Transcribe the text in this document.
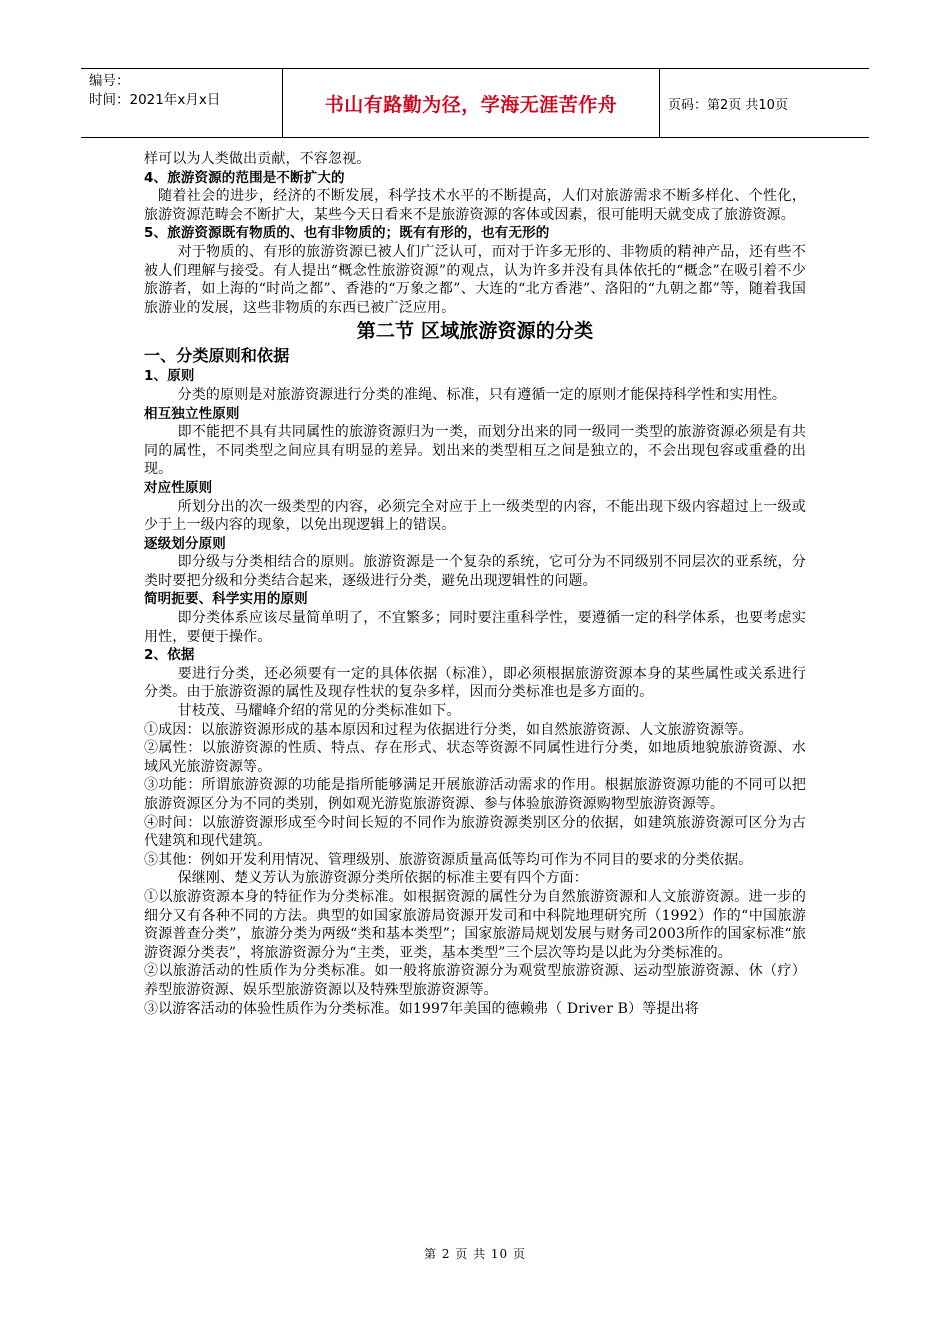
编号：
时间：2021年x月x日	书山有路勤为径，学海无涯苦作舟	页码：第2页 共10页

样可以为人类做出贡献，不容忽视。

4、旅游资源的范围是不断扩大的

随着社会的进步，经济的不断发展，科学技术水平的不断提高，人们对旅游需求不断多样化、个性化，旅游资源范畴会不断扩大，某些今天日看来不是旅游资源的客体或因素，很可能明天就变成了旅游资源。

5、旅游资源既有物质的、也有非物质的；既有有形的，也有无形的

对于物质的、有形的旅游资源已被人们广泛认可，而对于许多无形的、非物质的精神产品，还有些不被人们理解与接受。有人提出“概念性旅游资源”的观点，认为许多并没有具体依托的“概念”在吸引着不少旅游者，如上海的“时尚之都”、香港的“万象之都”、大连的“北方香港”、洛阳的“九朝之都”等，随着我国旅游业的发展，这些非物质的东西已被广泛应用。

第二节 区域旅游资源的分类

一、分类原则和依据

1、原则

分类的原则是对旅游资源进行分类的准绳、标准，只有遵循一定的原则才能保持科学性和实用性。

相互独立性原则

即不能把不具有共同属性的旅游资源归为一类，而划分出来的同一级同一类型的旅游资源必须是有共同的属性，不同类型之间应具有明显的差异。划出来的类型相互之间是独立的，不会出现包容或重叠的出现。

对应性原则

所划分出的次一级类型的内容，必须完全对应于上一级类型的内容，不能出现下级内容超过上一级或少于上一级内容的现象，以免出现逻辑上的错误。

逐级划分原则

即分级与分类相结合的原则。旅游资源是一个复杂的系统，它可分为不同级别不同层次的亚系统，分类时要把分级和分类结合起来，逐级进行分类，避免出现逻辑性的问题。

简明扼要、科学实用的原则

即分类体系应该尽量简单明了，不宜繁多；同时要注重科学性，要遵循一定的科学体系，也要考虑实用性，要便于操作。

2、依据

要进行分类，还必须要有一定的具体依据（标准），即必须根据旅游资源本身的某些属性或关系进行分类。由于旅游资源的属性及现存性状的复杂多样，因而分类标准也是多方面的。

甘枝茂、马耀峰介绍的常见的分类标准如下。

①成因：以旅游资源形成的基本原因和过程为依据进行分类，如自然旅游资源、人文旅游资源等。

②属性：以旅游资源的性质、特点、存在形式、状态等资源不同属性进行分类，如地质地貌旅游资源、水域风光旅游资源等。

③功能：所谓旅游资源的功能是指所能够满足开展旅游活动需求的作用。根据旅游资源功能的不同可以把旅游资源区分为不同的类别，例如观光游览旅游资源、参与体验旅游资源购物型旅游资源等。

④时间：以旅游资源形成至今时间长短的不同作为旅游资源类别区分的依据，如建筑旅游资源可区分为古代建筑和现代建筑。

⑤其他：例如开发利用情况、管理级别、旅游资源质量高低等均可作为不同目的要求的分类依据。

保继刚、楚义芳认为旅游资源分类所依据的标准主要有四个方面：

①以旅游资源本身的特征作为分类标准。如根据资源的属性分为自然旅游资源和人文旅游资源。进一步的细分又有各种不同的方法。典型的如国家旅游局资源开发司和中科院地理研究所（1992）作的“中国旅游资源普查分类”，旅游分类为两级“类和基本类型”；国家旅游局规划发展与财务司2003所作的国家标准“旅游资源分类表”，将旅游资源分为“主类，亚类，基本类型”三个层次等均是以此为分类标准的。

②以旅游活动的性质作为分类标准。如一般将旅游资源分为观赏型旅游资源、运动型旅游资源、休（疗）养型旅游资源、娱乐型旅游资源以及特殊型旅游资源等。

③以游客活动的体验性质作为分类标准。如1997年美国的德赖弗（ Driver B）等提出将

第 2 页 共 10 页
